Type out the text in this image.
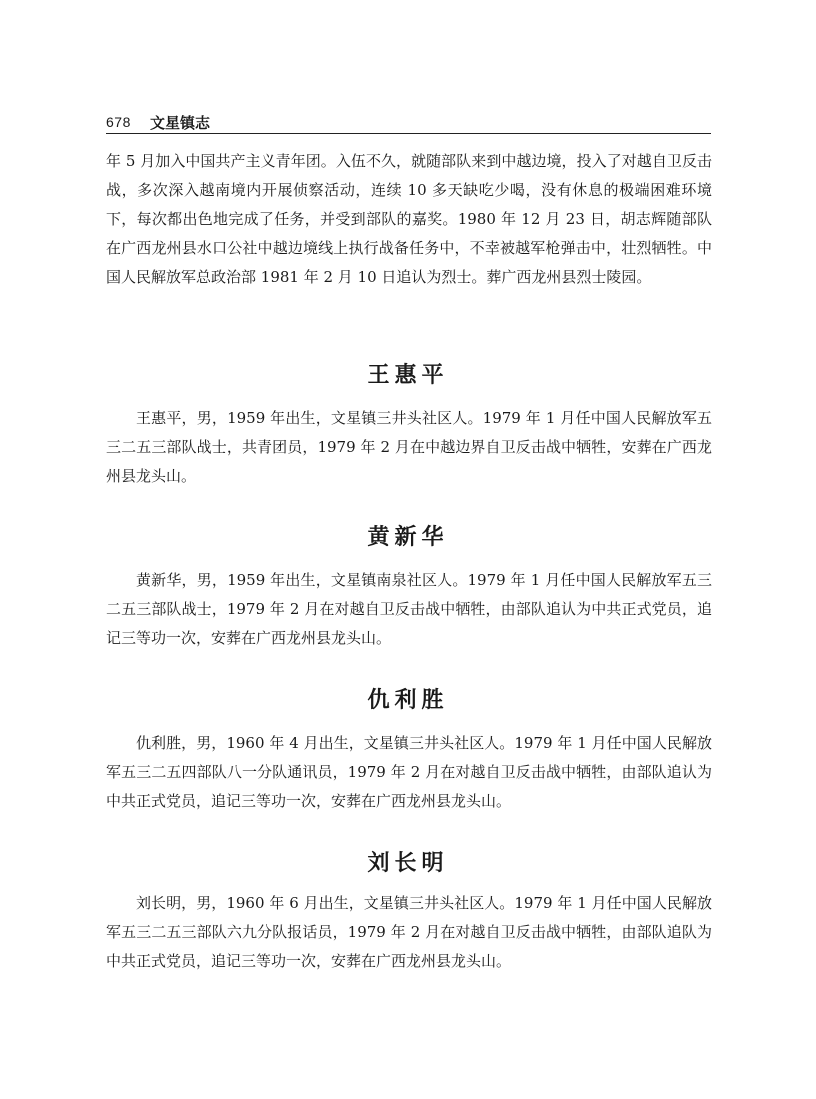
678 文星镇志

年 5 月加入中国共产主义青年团。入伍不久，就随部队来到中越边境，投入了对越自卫反击战，多次深入越南境内开展侦察活动，连续 10 多天缺吃少喝，没有休息的极端困难环境下，每次都出色地完成了任务，并受到部队的嘉奖。1980 年 12 月 23 日，胡志辉随部队在广西龙州县水口公社中越边境线上执行战备任务中，不幸被越军枪弹击中，壮烈牺牲。中国人民解放军总政治部 1981 年 2 月 10 日追认为烈士。葬广西龙州县烈士陵园。

王惠平

王惠平，男，1959 年出生，文星镇三井头社区人。1979 年 1 月任中国人民解放军五三二五三部队战士，共青团员，1979 年 2 月在中越边界自卫反击战中牺牲，安葬在广西龙州县龙头山。

黄新华

黄新华，男，1959 年出生，文星镇南泉社区人。1979 年 1 月任中国人民解放军五三二五三部队战士，1979 年 2 月在对越自卫反击战中牺牲，由部队追认为中共正式党员，追记三等功一次，安葬在广西龙州县龙头山。

仇利胜

仇利胜，男，1960 年 4 月出生，文星镇三井头社区人。1979 年 1 月任中国人民解放军五三二五四部队八一分队通讯员，1979 年 2 月在对越自卫反击战中牺牲，由部队追认为中共正式党员，追记三等功一次，安葬在广西龙州县龙头山。

刘长明

刘长明，男，1960 年 6 月出生，文星镇三井头社区人。1979 年 1 月任中国人民解放军五三二五三部队六九分队报话员，1979 年 2 月在对越自卫反击战中牺牲，由部队追队为中共正式党员，追记三等功一次，安葬在广西龙州县龙头山。
